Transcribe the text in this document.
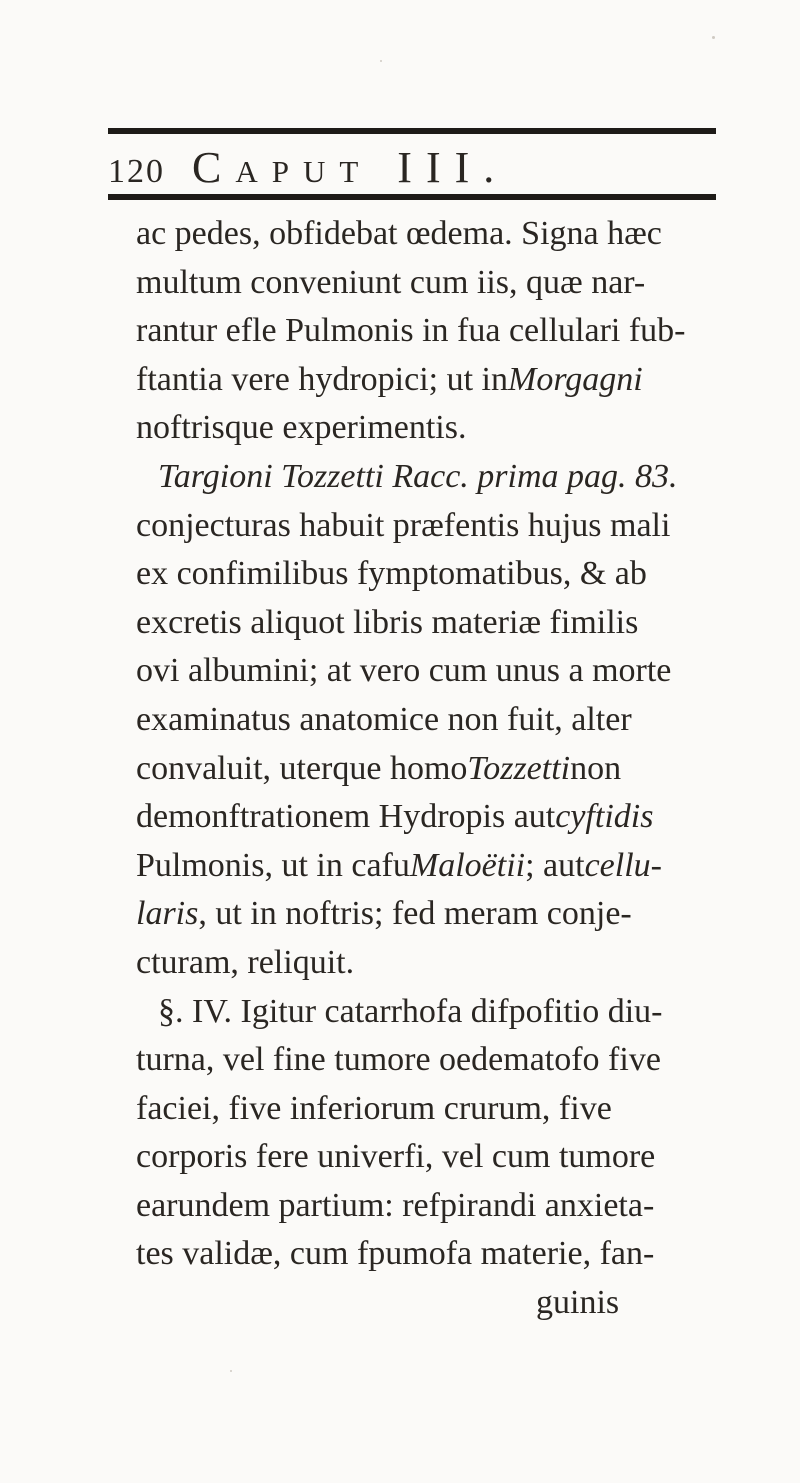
120 Caput III.
ac pedes, obfidebat œdema. Signa hæc
multum conveniunt cum iis, quæ nar-
rantur efle Pulmonis in fua cellulari fub-
ftantia vere hydropici; ut in Morgagni
noftrisque experimentis.
Targioni Tozzetti Racc. prima pag. 83.
conjecturas habuit præfentis hujus mali
ex confimilibus fymptomatibus, & ab
excretis aliquot libris materiæ fimilis
ovi albumini; at vero cum unus a morte
examinatus anatomice non fuit, alter
convaluit, uterque homo Tozzetti non
demonftrationem Hydropis aut cyftidis
Pulmonis, ut in cafu Maloëtii ; aut cellu-
laris , ut in noftris; fed meram conje-
cturam, reliquit.
§. IV. Igitur catarrhofa difpofitio diu-
turna, vel fine tumore oedematofo five
faciei, five inferiorum crurum, five
corporis fere univerfi, vel cum tumore
earundem partium: refpirandi anxieta-
tes validæ, cum fpumofa materie, fan-
guinis
